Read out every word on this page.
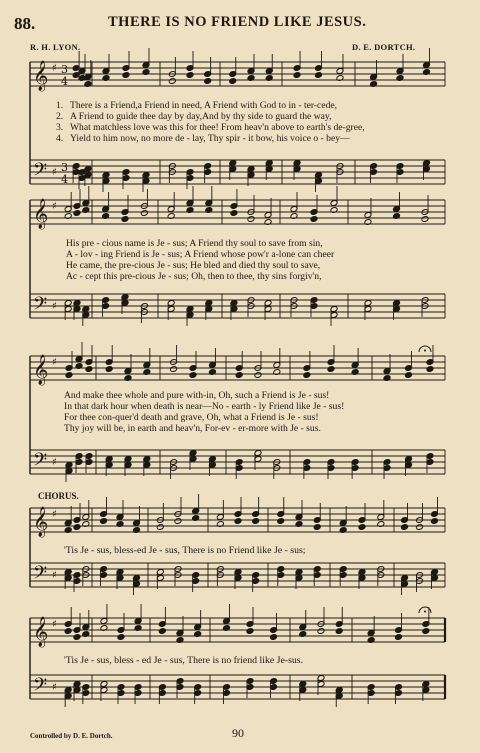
88.	THERE IS NO FRIEND LIKE JESUS.
R. H. LYON.	D. E. DORTCH.
𝄞
𝄢
♯
♯
3
4
3
4
𝄞
𝄢
♯
♯
𝄞
𝄢
♯
♯
𝄞
𝄢
♯
♯
𝄞
𝄢
♯
♯
1. There is a Friend,a Friend in need, A Friend with God to in - ter-cede,
2. A Friend to guide thee day by day,And by thy side to guard the way,
3. What matchless love was this for thee! From heav'n above to earth's de-gree,
4. Yield to him now, no more de - lay, Thy spir - it bow, his voice o - bey—
His pre - cious name is Je - sus; A Friend thy soul to save from sin,
A - lov - ing Friend is Je - sus; A Friend whose pow'r a-lone can cheer
He came, the pre-cious Je - sus; He bled and died thy soul to save,
Ac - cept this pre-cious Je - sus; Oh, then to thee, thy sins forgiv'n,
And make thee whole and pure with-in, Oh, such a Friend is Je - sus!
In that dark hour when death is near—No - earth - ly Friend like Je - sus!
For thee con-quer'd death and grave, Oh, what a Friend is Je - sus!
Thy joy will be, in earth and heav'n, For-ev - er-more with Je - sus.
CHORUS.
'Tis Je - sus, bless-ed Je - sus, There is no Friend like Je - sus;
'Tis Je - sus, bless - ed Je - sus, There is no friend like Je-sus.
Controlled by D. E. Dortch.	90
